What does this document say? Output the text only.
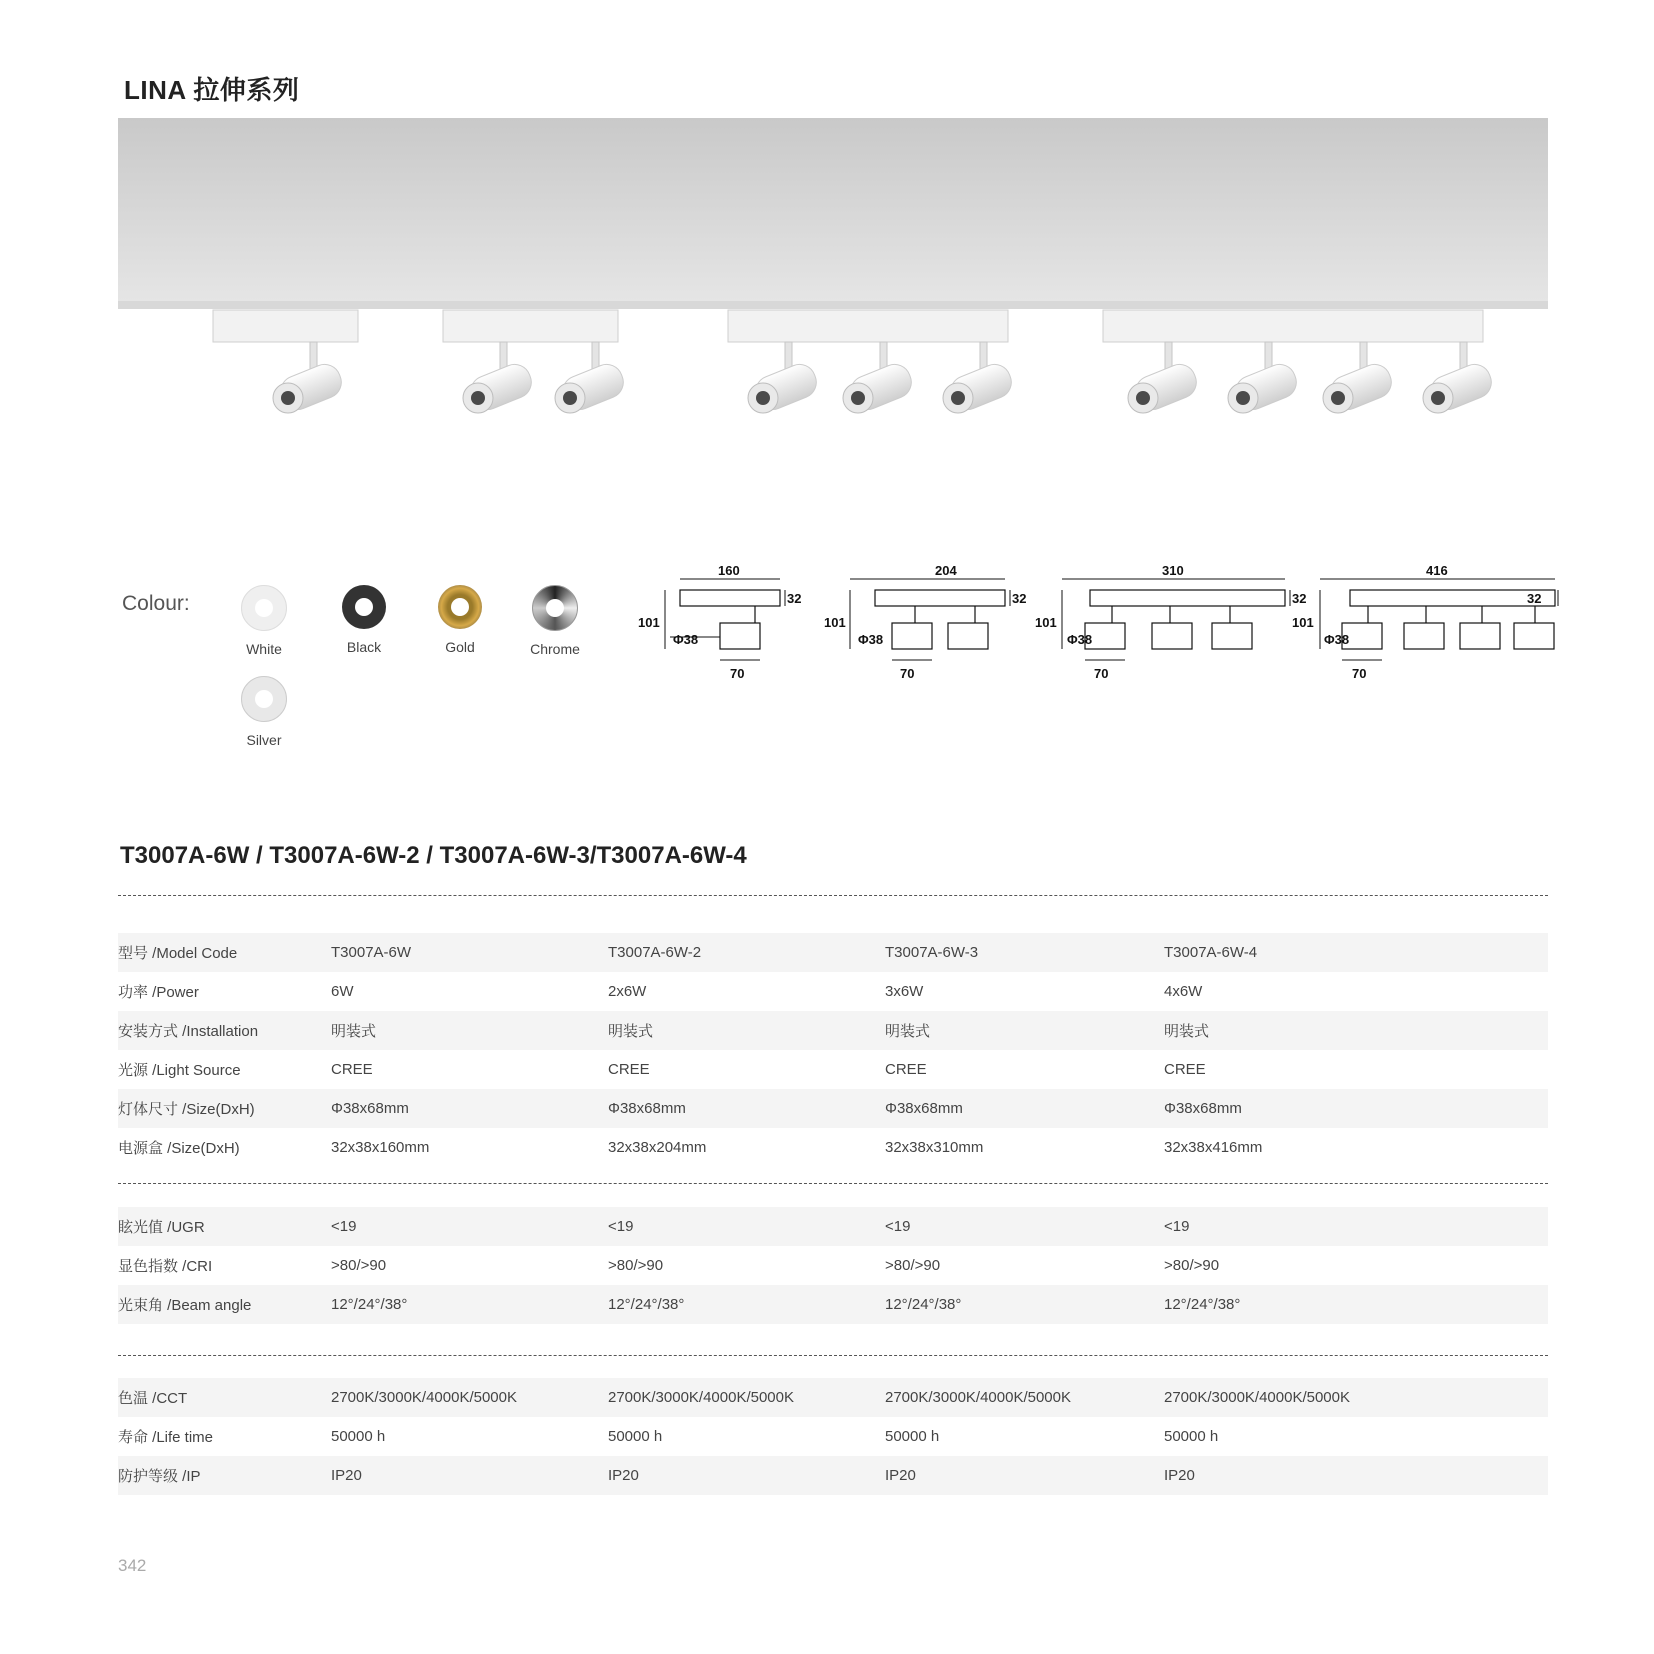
LINA 拉伸系列
Colour:
White	Black	Gold	Chrome
Silver
160
101
32
Φ38
70
204
101
32
Φ38
70
310
101
32
Φ38
70
416
101
32
Φ38
70
T3007A-6W / T3007A-6W-2 / T3007A-6W-3/T3007A-6W-4
型号 /Model Code	T3007A-6W	T3007A-6W-2	T3007A-6W-3	T3007A-6W-4
功率 /Power	6W	2x6W	3x6W	4x6W
安装方式 /Installation	明装式	明装式	明装式	明装式
光源 /Light Source	CREE	CREE	CREE	CREE
灯体尺寸 /Size(DxH)	Φ38x68mm	Φ38x68mm	Φ38x68mm	Φ38x68mm
电源盒 /Size(DxH)	32x38x160mm	32x38x204mm	32x38x310mm	32x38x416mm
眩光值 /UGR	<19	<19	<19	<19
显色指数 /CRI	>80/>90	>80/>90	>80/>90	>80/>90
光束角 /Beam angle	12°/24°/38°	12°/24°/38°	12°/24°/38°	12°/24°/38°
色温 /CCT	2700K/3000K/4000K/5000K	2700K/3000K/4000K/5000K	2700K/3000K/4000K/5000K	2700K/3000K/4000K/5000K
寿命 /Life time	50000 h	50000 h	50000 h	50000 h
防护等级 /IP	IP20	IP20	IP20	IP20
342
